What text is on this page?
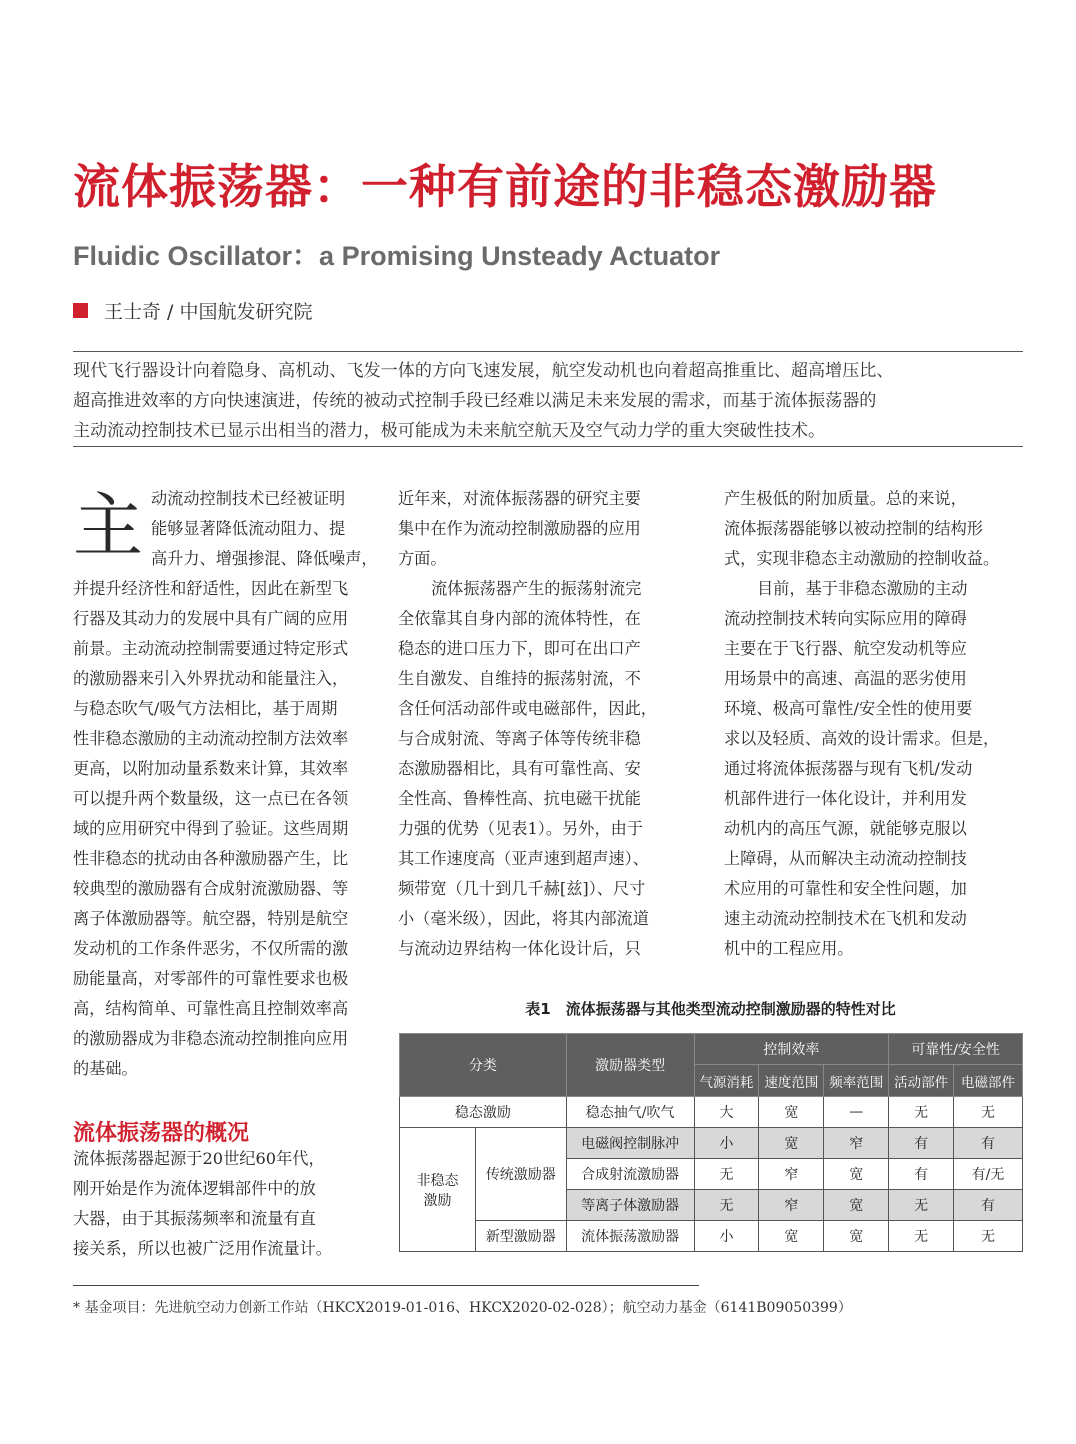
流体振荡器：一种有前途的非稳态激励器
Fluidic Oscillator：a Promising Unsteady Actuator
王士奇 / 中国航发研究院
现代飞行器设计向着隐身、高机动、飞发一体的方向飞速发展，航空发动机也向着超高推重比、超高增压比、
超高推进效率的方向快速演进，传统的被动式控制手段已经难以满足未来发展的需求，而基于流体振荡器的
主动流动控制技术已显示出相当的潜力，极可能成为未来航空航天及空气动力学的重大突破性技术。
主 动流动控制技术已经被证明
能够显著降低流动阻力、提
高升力、增强掺混、降低噪声，
并提升经济性和舒适性，因此在新型飞
行器及其动力的发展中具有广阔的应用
前景。主动流动控制需要通过特定形式
的激励器来引入外界扰动和能量注入，
与稳态吹气/吸气方法相比，基于周期
性非稳态激励的主动流动控制方法效率
更高，以附加动量系数来计算，其效率
可以提升两个数量级，这一点已在各领
域的应用研究中得到了验证。这些周期
性非稳态的扰动由各种激励器产生，比
较典型的激励器有合成射流激励器、等
离子体激励器等。航空器，特别是航空
发动机的工作条件恶劣，不仅所需的激
励能量高，对零部件的可靠性要求也极
高，结构简单、可靠性高且控制效率高
的激励器成为非稳态流动控制推向应用
的基础。
流体振荡器的概况
流体振荡器起源于20世纪60年代，
刚开始是作为流体逻辑部件中的放
大器，由于其振荡频率和流量有直
接关系，所以也被广泛用作流量计。
近年来，对流体振荡器的研究主要
集中在作为流动控制激励器的应用
方面。
流体振荡器产生的振荡射流完
全依靠其自身内部的流体特性，在
稳态的进口压力下，即可在出口产
生自激发、自维持的振荡射流，不
含任何活动部件或电磁部件，因此，
与合成射流、等离子体等传统非稳
态激励器相比，具有可靠性高、安
全性高、鲁棒性高、抗电磁干扰能
力强的优势（见表1）。另外，由于
其工作速度高（亚声速到超声速）、
频带宽（几十到几千赫[兹]）、尺寸
小（毫米级），因此，将其内部流道
与流动边界结构一体化设计后，只
产生极低的附加质量。总的来说，
流体振荡器能够以被动控制的结构形
式，实现非稳态主动激励的控制收益。
目前，基于非稳态激励的主动
流动控制技术转向实际应用的障碍
主要在于飞行器、航空发动机等应
用场景中的高速、高温的恶劣使用
环境、极高可靠性/安全性的使用要
求以及轻质、高效的设计需求。但是，
通过将流体振荡器与现有飞机/发动
机部件进行一体化设计，并利用发
动机内的高压气源，就能够克服以
上障碍，从而解决主动流动控制技
术应用的可靠性和安全性问题，加
速主动流动控制技术在飞机和发动
机中的工程应用。
表1　流体振荡器与其他类型流动控制激励器的特性对比
分类		激励器类型	控制效率			可靠性/安全性	
			气源消耗	速度范围	频率范围	活动部件	电磁部件
稳态激励		稳态抽气/吹气	大	宽	—	无	无
非稳态激励	传统激励器	电磁阀控制脉冲	小	宽	窄	有	有
		合成射流激励器	无	窄	宽	有	有/无
		等离子体激励器	无	窄	宽	无	有
	新型激励器	流体振荡激励器	小	宽	宽	无	无
* 基金项目：先进航空动力创新工作站（HKCX2019-01-016、HKCX2020-02-028）；航空动力基金（6141B09050399）
